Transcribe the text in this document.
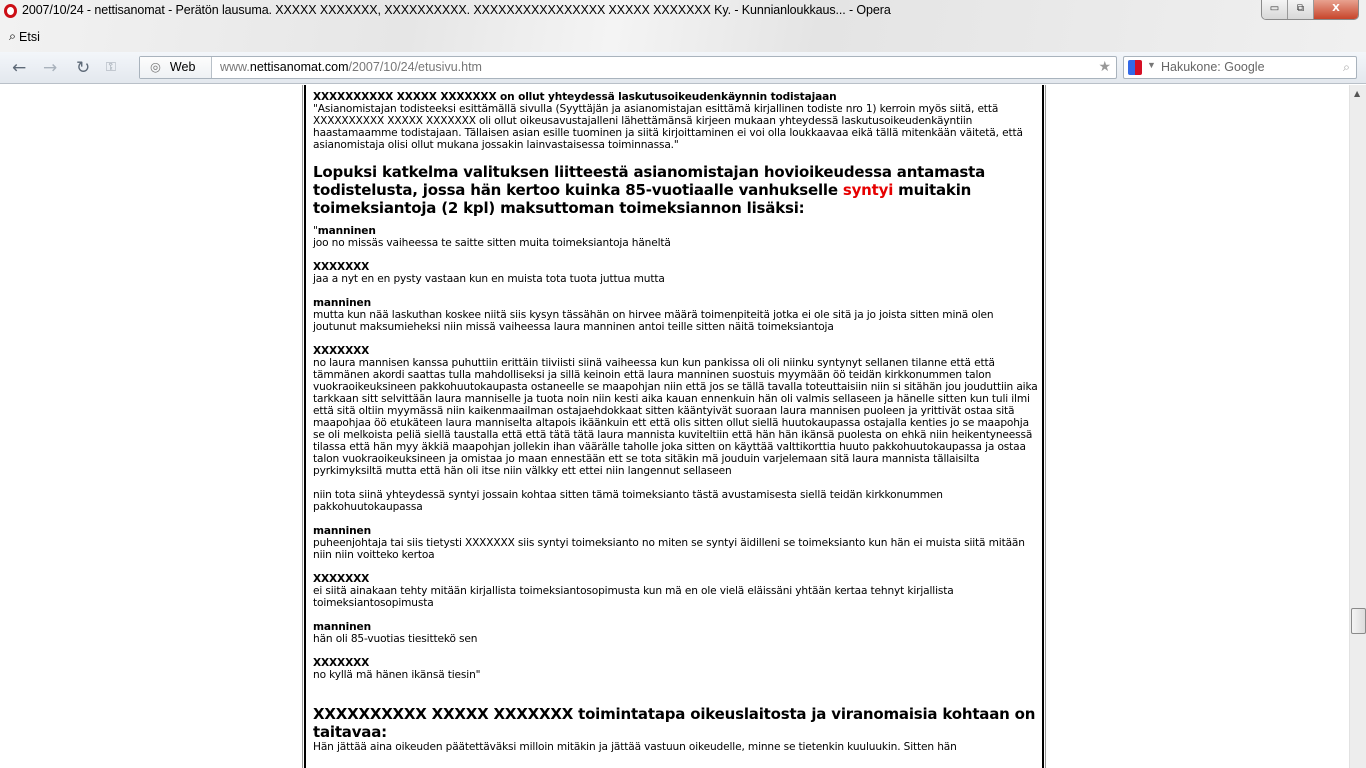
2007/10/24 - nettisanomat - Perätön lausuma. XXXXX XXXXXXX, XXXXXXXXXX. XXXXXXXXXXXXXXXX XXXXX XXXXXXX Ky. - Kunnianloukkaus... - Opera	▭	⧉	X
⌕ Etsi
← → ↻ ⚿	◎ Web www.nettisanomat.com/2007/10/24/etusivu.htm	★	▼ Hakukone: Google	⌕

XXXXXXXXXX XXXXX XXXXXXX on ollut yhteydessä laskutusoikeudenkäynnin todistajaan
"Asianomistajan todisteeksi esittämällä sivulla (Syyttäjän ja asianomistajan esittämä kirjallinen todiste nro 1) kerroin myös siitä, että XXXXXXXXXX XXXXX XXXXXXX oli ollut oikeusavustajalleni lähettämänsä kirjeen mukaan yhteydessä laskutusoikeudenkäyntiin haastamaamme todistajaan. Tällaisen asian esille tuominen ja siitä kirjoittaminen ei voi olla loukkaavaa eikä tällä mitenkään väitetä, että asianomistaja olisi ollut mukana jossakin lainvastaisessa toiminnassa."

Lopuksi katkelma valituksen liitteestä asianomistajan hovioikeudessa antamasta todistelusta, jossa hän kertoo kuinka 85-vuotiaalle vanhukselle syntyi muitakin toimeksiantoja (2 kpl) maksuttoman toimeksiannon lisäksi:

"manninen
joo no missäs vaiheessa te saitte sitten muita toimeksiantoja häneltä

XXXXXXX
jaa a nyt en en pysty vastaan kun en muista tota tuota juttua mutta

manninen
mutta kun nää laskuthan koskee niitä siis kysyn tässähän on hirvee määrä toimenpiteitä jotka ei ole sitä ja jo joista sitten minä olen joutunut maksumieheksi niin missä vaiheessa laura manninen antoi teille sitten näitä toimeksiantoja

XXXXXXX
no laura mannisen kanssa puhuttiin erittäin tiiviisti siinä vaiheessa kun kun pankissa oli oli niinku syntynyt sellanen tilanne että että tämmänen akordi saattas tulla mahdolliseksi ja sillä keinoin että laura manninen suostuis myymään öö teidän kirkkonummen talon vuokraoikeuksineen pakkohuutokaupasta ostaneelle se maapohjan niin että jos se tällä tavalla toteuttaisiin niin si sitähän jou jouduttiin aika tarkkaan sitt selvittään laura manniselle ja tuota noin niin kesti aika kauan ennenkuin hän oli valmis sellaseen ja hänelle sitten kun tuli ilmi että sitä oltiin myymässä niin kaikenmaailman ostajaehdokkaat sitten kääntyivät suoraan laura mannisen puoleen ja yrittivät ostaa sitä maapohjaa öö etukäteen laura manniselta altapois ikäänkuin ett että olis sitten ollut siellä huutokaupassa ostajalla kenties jo se maapohja se oli melkoista peliä siellä taustalla että että tätä tätä laura mannista kuviteltiin että hän hän ikänsä puolesta on ehkä niin heikentyneessä tilassa että hän myy äkkiä maapohjan jollekin ihan väärälle taholle joka sitten on käyttää valttikorttia huuto pakkohuutokaupassa ja ostaa talon vuokraoikeuksineen ja omistaa jo maan ennestään ett se tota sitäkin mä jouduin varjelemaan sitä laura mannista tällaisilta pyrkimyksiltä mutta että hän oli itse niin välkky ett ettei niin langennut sellaseen

niin tota siinä yhteydessä syntyi jossain kohtaa sitten tämä toimeksianto tästä avustamisesta siellä teidän kirkkonummen pakkohuutokaupassa

manninen
puheenjohtaja tai siis tietysti XXXXXXX siis syntyi toimeksianto no miten se syntyi äidilleni se toimeksianto kun hän ei muista siitä mitään niin niin voitteko kertoa

XXXXXXX
ei siitä ainakaan tehty mitään kirjallista toimeksiantosopimusta kun mä en ole vielä eläissäni yhtään kertaa tehnyt kirjallista toimeksiantosopimusta

manninen
hän oli 85-vuotias tiesittekö sen

XXXXXXX
no kyllä mä hänen ikänsä tiesin"

XXXXXXXXXX XXXXX XXXXXXX toimintatapa oikeuslaitosta ja viranomaisia kohtaan on taitavaa:

Hän jättää aina oikeuden päätettäväksi milloin mitäkin ja jättää vastuun oikeudelle, minne se tietenkin kuuluukin. Sitten hän

▲
